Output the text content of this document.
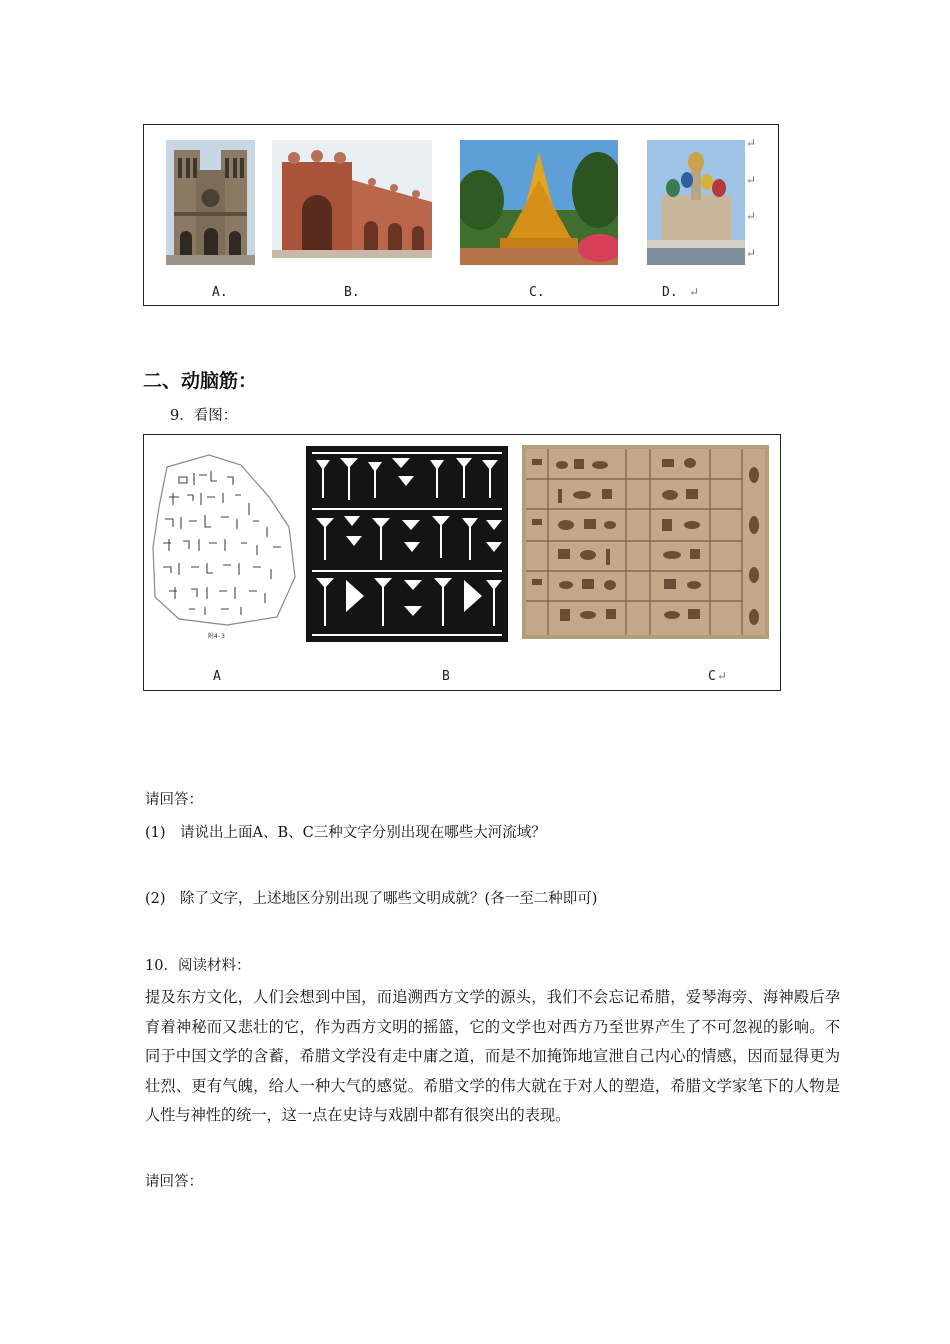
↵
↵
↵
↵
A.	B.	C.	D. ↵
二、动脑筋：
9．看图：
附4-3
A	B	C ↵
请回答：
(1)　请说出上面A、B、C三种文字分别出现在哪些大河流域？
(2)　除了文字，上述地区分别出现了哪些文明成就？(各一至二种即可)
10．阅读材料：
提及东方文化，人们会想到中国，而追溯西方文学的源头，我们不会忘记希腊，爱琴海旁、海神殿后孕育着神秘而又悲壮的它，作为西方文明的摇篮，它的文学也对西方乃至世界产生了不可忽视的影响。不同于中国文学的含蓄，希腊文学没有走中庸之道，而是不加掩饰地宣泄自己内心的情感，因而显得更为壮烈、更有气魄，给人一种大气的感觉。希腊文学的伟大就在于对人的塑造，希腊文学家笔下的人物是人性与神性的统一，这一点在史诗与戏剧中都有很突出的表现。
请回答：
